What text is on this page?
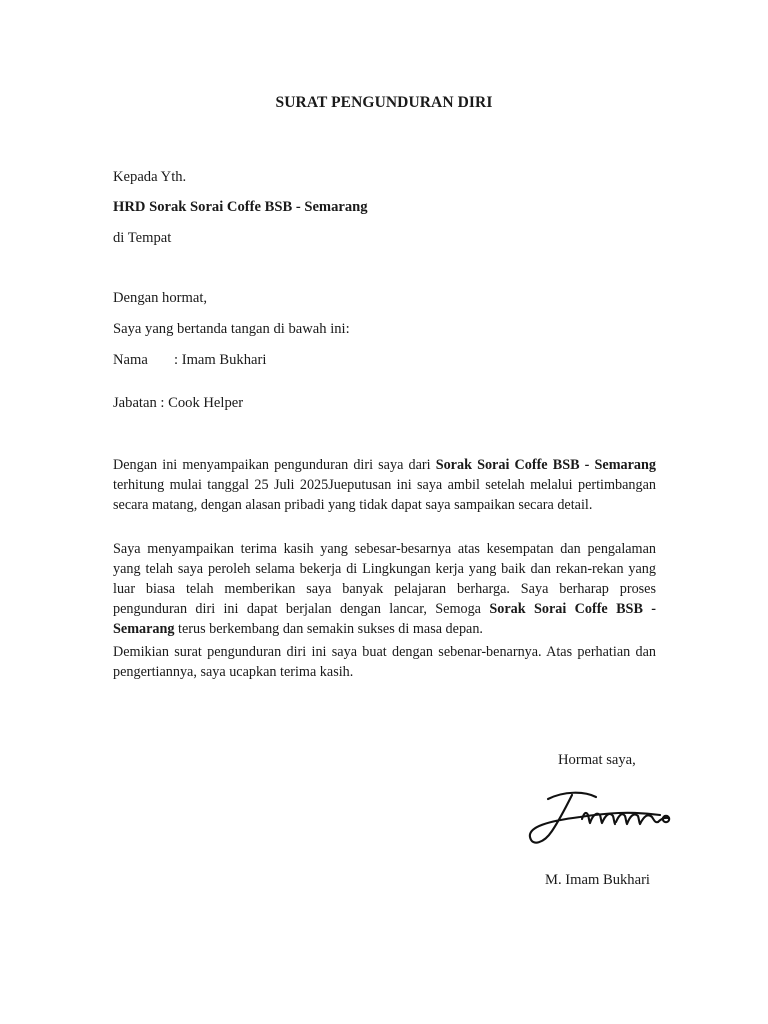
SURAT PENGUNDURAN DIRI
Kepada Yth.
HRD Sorak Sorai Coffe BSB - Semarang
di Tempat
Dengan hormat,
Saya yang bertanda tangan di bawah ini:
Nama : Imam Bukhari
Jabatan : Cook Helper
Dengan ini menyampaikan pengunduran diri saya dari Sorak Sorai Coffe BSB - Semarang terhitung mulai tanggal 25 Juli 2025Jueputusan ini saya ambil setelah melalui pertimbangan secara matang, dengan alasan pribadi yang tidak dapat saya sampaikan secara detail.
Saya menyampaikan terima kasih yang sebesar-besarnya atas kesempatan dan pengalaman yang telah saya peroleh selama bekerja di Lingkungan kerja yang baik dan rekan-rekan yang luar biasa telah memberikan saya banyak pelajaran berharga. Saya berharap proses pengunduran diri ini dapat berjalan dengan lancar, Semoga Sorak Sorai Coffe BSB - Semarang terus berkembang dan semakin sukses di masa depan.
Demikian surat pengunduran diri ini saya buat dengan sebenar-benarnya. Atas perhatian dan pengertiannya, saya ucapkan terima kasih.
Hormat saya,
M. Imam Bukhari
